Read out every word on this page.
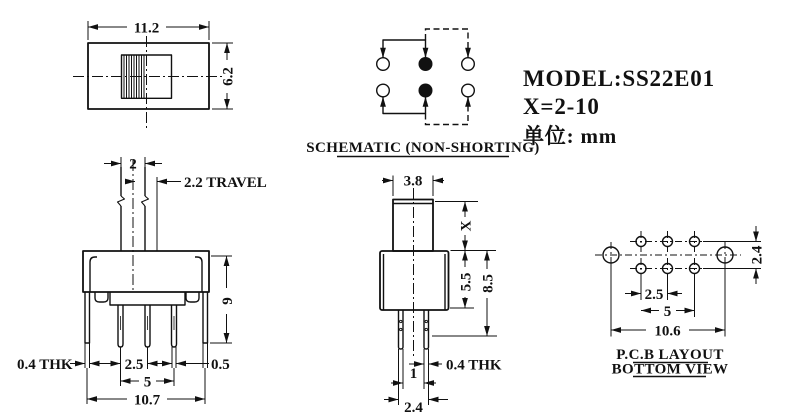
11.2
6.2
SCHEMATIC (NON-SHORTING)
MODEL:SS22E01
X=2-10
单位: mm
2
2.2 TRAVEL
9
0.4 THK	2.5	0.5
5
10.7
3.8
X
5.5 8.5
0.4 THK
1
2.4
2.4
2.5
5
10.6
P.C.B LAYOUT
BOTTOM VIEW
